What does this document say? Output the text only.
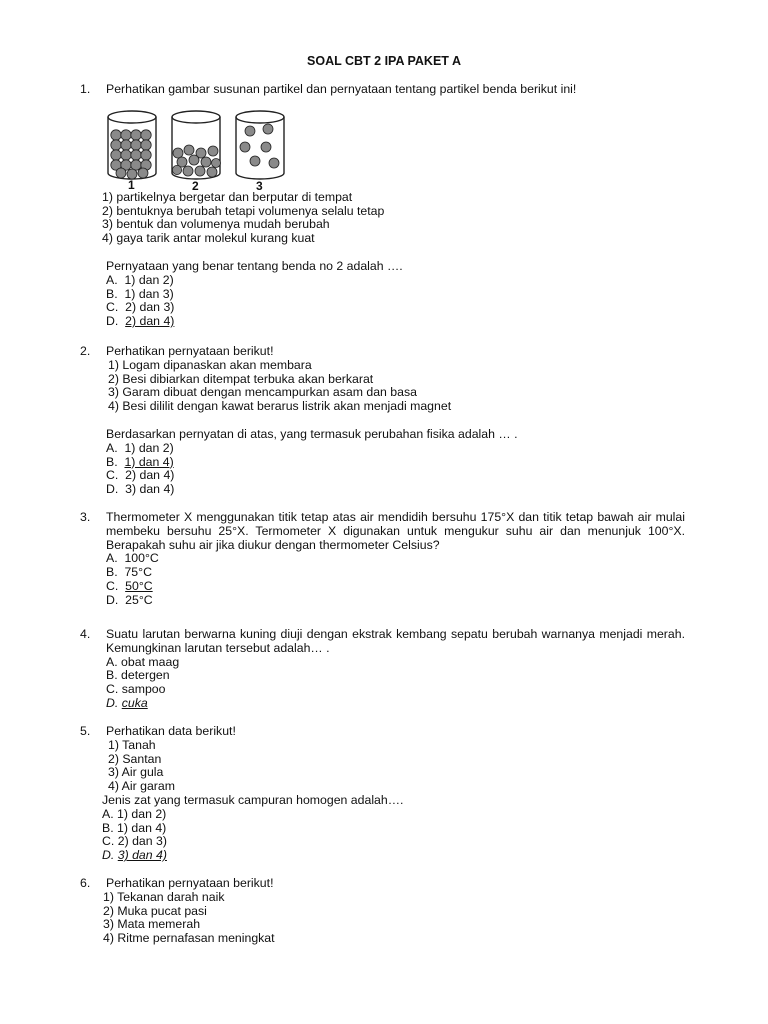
SOAL CBT 2 IPA PAKET A
1. Perhatikan gambar susunan partikel dan pernyataan tentang partikel benda berikut ini!
1	2	3
1) partikelnya bergetar dan berputar di tempat
2) bentuknya berubah tetapi volumenya selalu tetap
3) bentuk dan volumenya mudah berubah
4) gaya tarik antar molekul kurang kuat
Pernyataan yang benar tentang benda no 2 adalah ….
A. 1) dan 2)
B. 1) dan 3)
C. 2) dan 3)
D. 2) dan 4)
2. Perhatikan pernyataan berikut!
1) Logam dipanaskan akan membara
2) Besi dibiarkan ditempat terbuka akan berkarat
3) Garam dibuat dengan mencampurkan asam dan basa
4) Besi dililit dengan kawat berarus listrik akan menjadi magnet
Berdasarkan pernyatan di atas, yang termasuk perubahan fisika adalah … .
A. 1) dan 2)
B. 1) dan 4)
C. 2) dan 4)
D. 3) dan 4)
3. Thermometer X menggunakan titik tetap atas air mendidih bersuhu 175°X dan titik tetap bawah air mulai membeku bersuhu 25°X. Termometer X digunakan untuk mengukur suhu air dan menunjuk 100°X. Berapakah suhu air jika diukur dengan thermometer Celsius?
A. 100°C
B. 75°C
C. 50°C
D. 25°C
4. Suatu larutan berwarna kuning diuji dengan ekstrak kembang sepatu berubah warnanya menjadi merah. Kemungkinan larutan tersebut adalah… .
A. obat maag
B. detergen
C. sampoo
D. cuka
5. Perhatikan data berikut!
1) Tanah
2) Santan
3) Air gula
4) Air garam
Jenis zat yang termasuk campuran homogen adalah….
A. 1) dan 2)
B. 1) dan 4)
C. 2) dan 3)
D. 3) dan 4)
6. Perhatikan pernyataan berikut!
1) Tekanan darah naik
2) Muka pucat pasi
3) Mata memerah
4) Ritme pernafasan meningkat
